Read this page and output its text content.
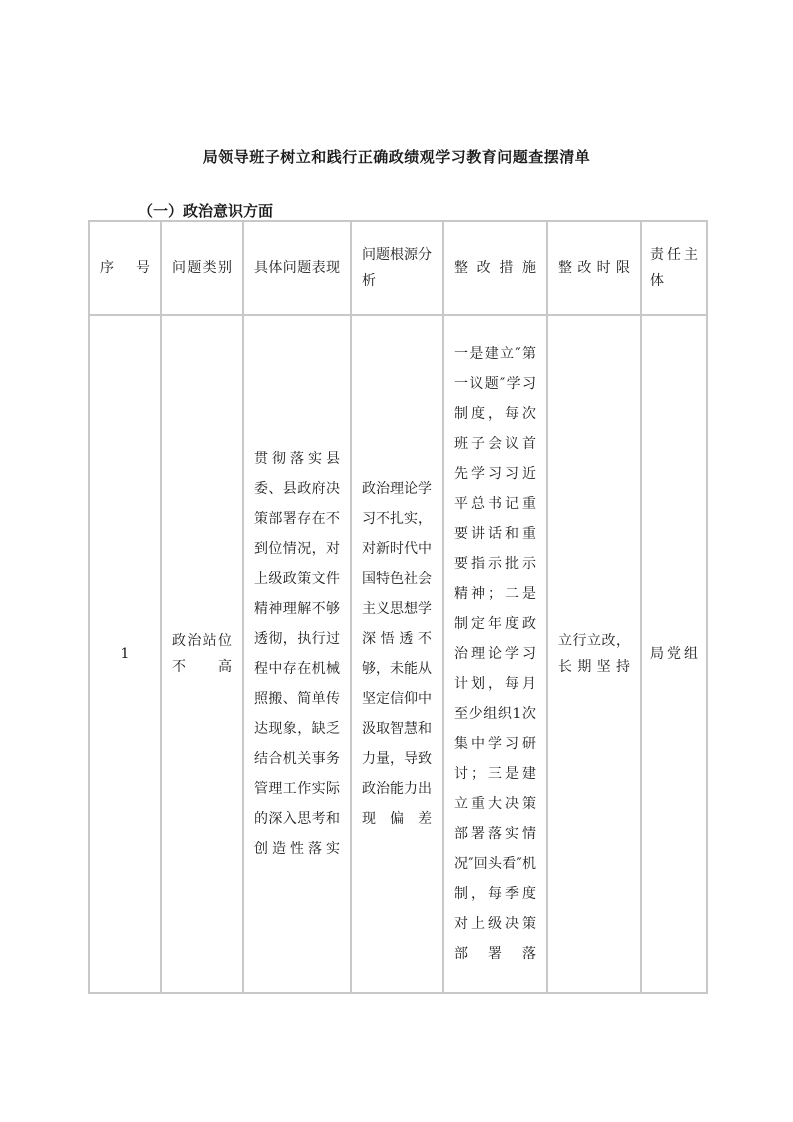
局领导班子树立和践行正确政绩观学习教育问题查摆清单
（一）政治意识方面
序号	问题类别	具体问题表现	问题根源分析	整改措施	整改时限	责任主体

1	政治站位不高	贯彻落实县委、县政府决策部署存在不到位情况，对上级政策文件精神理解不够透彻，执行过程中存在机械照搬、简单传达现象，缺乏结合机关事务管理工作实际的深入思考和创造性落实	政治理论学习不扎实，对新时代中国特色社会主义思想学深悟透不够，未能从坚定信仰中汲取智慧和力量，导致政治能力出现偏差	一是建立″第一议题″学习制度，每次班子会议首先学习习近平总书记重要讲话和重要指示批示精神；二是制定年度政治理论学习计划，每月至少组织1次集中学习研讨；三是建立重大决策部署落实情况″回头看″机制，每季度对上级决策部署落	立行立改，长期坚持	局党组
